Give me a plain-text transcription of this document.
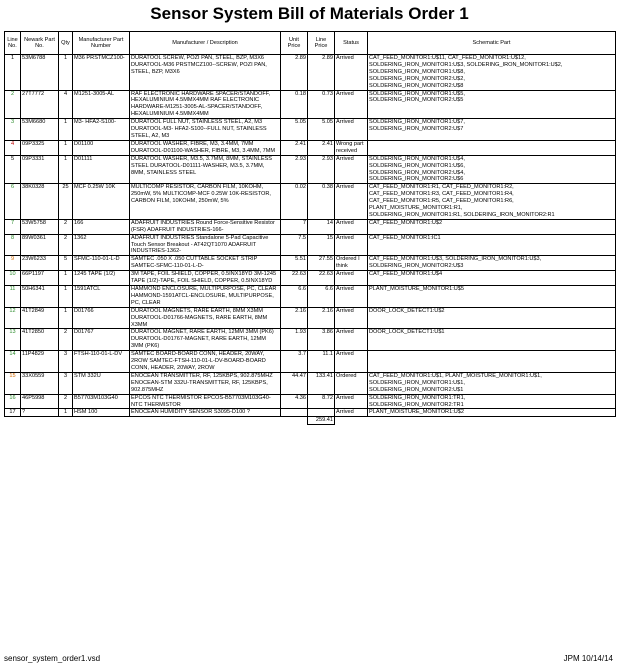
Sensor System Bill of Materials Order 1
Line No.	Newark Part No.	Qty	Manufacturer Part Number	Manufacturer / Description	Unit Price	Line Price	Status	Schematic Part
1	53M6788	1	M36 PRSTMCZ100-	DURATOOL SCREW, POZI PAN, STEEL, BZP, M3X6 DURATOOL-M36 PRSTMCZ100--SCREW, POZI PAN, STEEL, BZP, M3X6	2.89	2.89	Arrived	CAT_FEED_MONITOR1:U$11, CAT_FEED_MONITOR1:U$12, SOLDERING_IRON_MONITOR1:U$3, SOLDERING_IRON_MONITOR1:U$2,
SOLDERING_IRON_MONITOR1:U$8,
SOLDERING_IRON_MONITOR2:U$2,
SOLDERING_IRON_MONITOR2:U$8
2	27T7772	4	M1251-3005-AL	RAF ELECTRONIC HARDWARE SPACER/STANDOFF, HEXALUMINIUM 4.5MMX4MM RAF ELECTRONIC HARDWARE-M1251-3005-AL-SPACER/STANDOFF, HEXALUMINIUM 4.5MMX4MM	0.18	0.73	Arrived	SOLDERING_IRON_MONITOR1:U$5,
SOLDERING_IRON_MONITOR2:U$5
3	53M6680	1	M3- HFA2-S100-	DURATOOL FULL NUT, STAINLESS STEEL, A2, M3 DURATOOL-M3- HFA2-S100--FULL NUT, STAINLESS STEEL, A2, M3	5.05	5.05	Arrived	SOLDERING_IRON_MONITOR1:U$7,
SOLDERING_IRON_MONITOR2:U$7
4	09P3325	1	D01100	DURATOOL WASHER, FIBRE, M3, 3.4MM, 7MM DURATOOL-D01100-WASHER, FIBRE, M3, 3.4MM, 7MM	2.41	2.41	Wrong part received	
5	09P3331	1	D01111	DURATOOL WASHER, M3.5, 3.7MM, 8MM, STAINLESS STEEL DURATOOL-D01111-WASHER, M3.5, 3.7MM, 8MM, STAINLESS STEEL	2.93	2.93	Arrived	SOLDERING_IRON_MONITOR1:U$4,
SOLDERING_IRON_MONITOR1:U$6,
SOLDERING_IRON_MONITOR2:U$4,
SOLDERING_IRON_MONITOR2:U$6
6	38K0328	25	MCF 0.25W 10K	MULTICOMP RESISTOR, CARBON FILM, 10KOHM, 250mW, 5% MULTICOMP-MCF 0.25W 10K-RESISTOR, CARBON FILM, 10KOHM, 250mW, 5%	0.02	0.38	Arrived	CAT_FEED_MONITOR1:R1, CAT_FEED_MONITOR1:R2,
CAT_FEED_MONITOR1:R3, CAT_FEED_MONITOR1:R4,
CAT_FEED_MONITOR1:R5, CAT_FEED_MONITOR1:R6,
PLANT_MOISTURE_MONITOR1:R1,
SOLDERING_IRON_MONITOR1:R1, SOLDERING_IRON_MONITOR2:R1
7	53W5758	2	166	ADAFRUIT INDUSTRIES Round Force-Sensitive Resistor (FSR) ADAFRUIT INDUSTRIES-166-	7	14	Arrived	CAT_FEED_MONITOR1:U$2
8	89W0361	2	1362	ADAFRUIT INDUSTRIES Standalone 5-Pad Capacitive Touch Sensor Breakout - AT42QT1070 ADAFRUIT INDUSTRIES-1362-	7.5	15	Arrived	CAT_FEED_MONITOR1:IC1
9	23W6233	5	SFMC-110-01-L-D	SAMTEC .050 X .050 CUTTABLE SOCKET STRIP SAMTEC-SFMC-110-01-L-D-	5.51	27.55	Ordered I think	CAT_FEED_MONITOR1:U$3, SOLDERING_IRON_MONITOR1:U$3,
SOLDERING_IRON_MONITOR2:U$3
10	66P1197	1	1245 TAPE (1/2)	3M TAPE, FOIL SHIELD, COPPER, 0.5INX18YD 3M-1245 TAPE (1/2)-TAPE, FOIL SHIELD, COPPER, 0.5INX18YD	22.63	22.63	Arrived	CAT_FEED_MONITOR1:U$4
11	50H6341	1	1591ATCL	HAMMOND ENCLOSURE, MULTIPURPOSE, PC, CLEAR HAMMOND-1591ATCL-ENCLOSURE, MULTIPURPOSE, PC, CLEAR	6.6	6.6	Arrived	PLANT_MOISTURE_MONITOR1:U$5
12	41T2849	1	D01766	DURATOOL MAGNETS, RARE EARTH, 8MM X3MM DURATOOL-D01766-MAGNETS, RARE EARTH, 8MM X3MM	2.16	2.16	Arrived	DOOR_LOCK_DETECT1:U$2
13	41T2850	2	D01767	DURATOOL MAGNET, RARE EARTH, 12MM 3MM (PK6) DURATOOL-D01767-MAGNET, RARE EARTH, 12MM 3MM (PK6)	1.93	3.86	Arrived	DOOR_LOCK_DETECT1:U$1
14	11P4829	3	FTSH-110-01-L-DV	SAMTEC BOARD-BOARD CONN, HEADER, 20WAY, 2ROW SAMTEC-FTSH-110-01-L-DV-BOARD-BOARD CONN, HEADER, 20WAY, 2ROW	3.7	11.1	Arrived	
15	33X0559	3	STM 332U	ENOCEAN TRANSMITTER, RF, 125KBPS, 902.875MHZ ENOCEAN-STM 332U-TRANSMITTER, RF, 125KBPS, 902.875MHZ	44.47	133.41	Ordered	CAT_FEED_MONITOR1:U$1, PLANT_MOISTURE_MONITOR1:U$1,
SOLDERING_IRON_MONITOR1:U$1,
SOLDERING_IRON_MONITOR2:U$1
16	46P5998	2	B57703M103G40	EPCOS NTC THERMISTOR EPCOS-B57703M103G40-NTC THERMISTOR	4.36	8.72	Arrived	SOLDERING_IRON_MONITOR1:TR1,
SOLDERING_IRON_MONITOR2:TR1
17	?	1	HSM 100	ENOCEAN HUMIDITY SENSOR S3095-D100 ?			Arrived	PLANT_MOISTURE_MONITOR1:U$2
						259.41		
sensor_system_order1.vsd	JPM 10/14/14
